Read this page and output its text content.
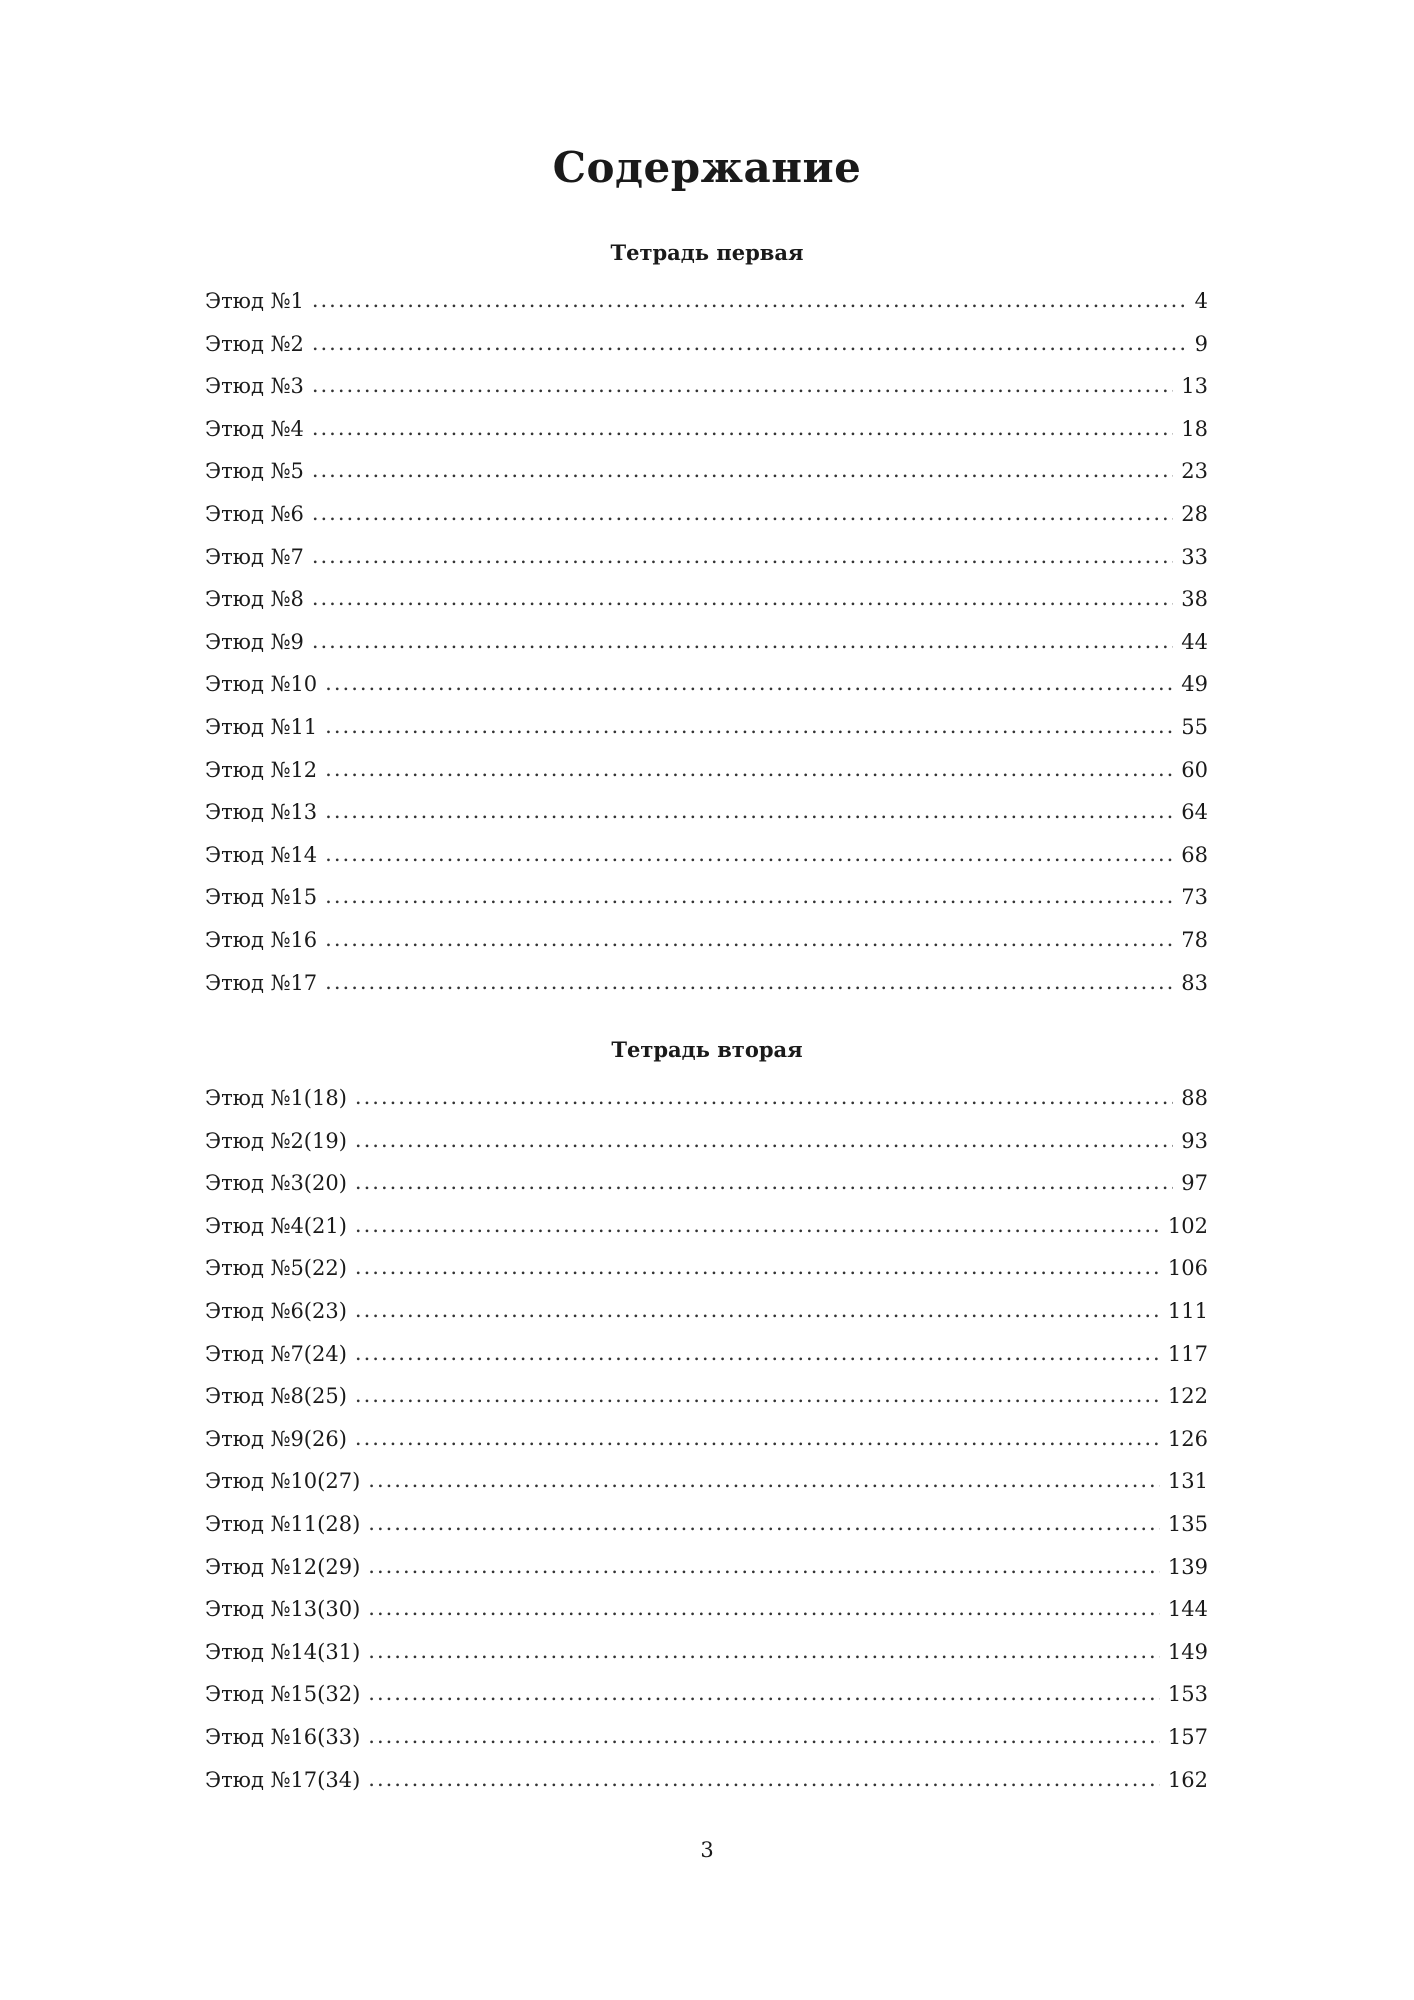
Содержание
Тетрадь первая
Этюд №1 .....	4
Этюд №2 .....	9
Этюд №3 .....	13
Этюд №4 .....	18
Этюд №5 .....	23
Этюд №6 .....	28
Этюд №7 .....	33
Этюд №8 .....	38
Этюд №9 .....	44
Этюд №10 .....	49
Этюд №11 .....	55
Этюд №12 .....	60
Этюд №13 .....	64
Этюд №14 .....	68
Этюд №15 .....	73
Этюд №16 .....	78
Этюд №17 .....	83
Тетрадь вторая
Этюд №1(18) .....	88
Этюд №2(19) .....	93
Этюд №3(20) .....	97
Этюд №4(21) .....	102
Этюд №5(22) .....	106
Этюд №6(23) .....	111
Этюд №7(24) .....	117
Этюд №8(25) .....	122
Этюд №9(26) .....	126
Этюд №10(27) .....	131
Этюд №11(28) .....	135
Этюд №12(29) .....	139
Этюд №13(30) .....	144
Этюд №14(31) .....	149
Этюд №15(32) .....	153
Этюд №16(33) .....	157
Этюд №17(34) .....	162

3
